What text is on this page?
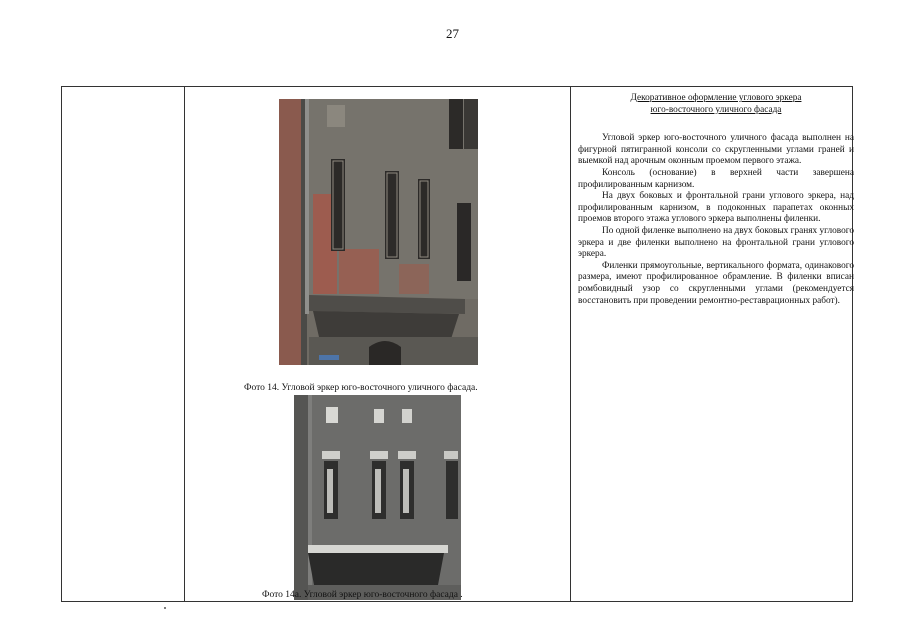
27
Фото 14. Угловой эркер юго-восточного уличного фасада.
Фото 14а. Угловой эркер юго-восточного фасада .
Декоративное оформление углового эркера
юго-восточного уличного фасада

Угловой эркер юго-восточного уличного фасада выполнен на фигурной пятигранной консоли со скругленными углами граней и выемкой над арочным оконным проемом первого этажа.

Консоль (основание) в верхней части завершена профилированным карнизом.

На двух боковых и фронтальной грани углового эркера, над профилированным карнизом, в подоконных парапетах оконных проемов второго этажа углового эркера выполнены филенки.

По одной филенке выполнено на двух боковых гранях углового эркера и две филенки выполнено на фронтальной грани углового эркера.

Филенки прямоугольные, вертикального формата, одинакового размера, имеют профилированное обрамление. В филенки вписан ромбовидный узор со скругленными углами (рекомендуется восстановить при проведении ремонтно-реставрационных работ).
